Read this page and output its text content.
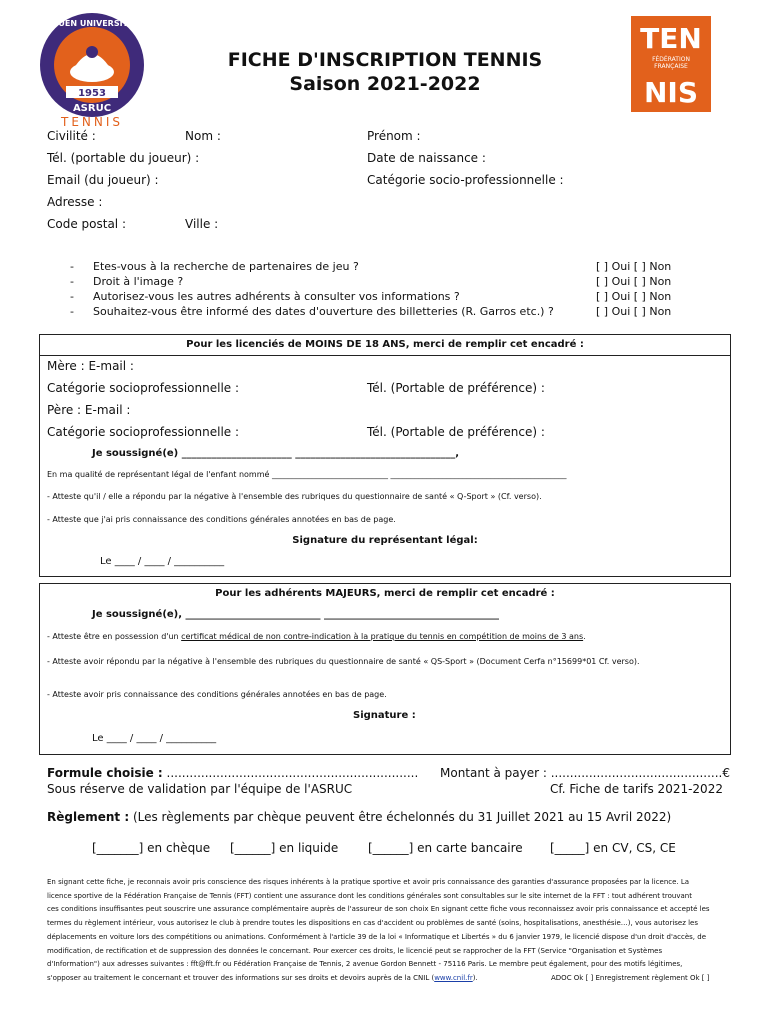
A.S. ROUEN UNIVERSITÉ CLUB
1953
ASRUC
TENNIS
TEN
FÉDÉRATION
FRANÇAISE
NIS
FICHE D'INSCRIPTION TENNIS
Saison 2021-2022
Civilité :	Nom :	Prénom :
Tél. (portable du joueur) :	Date de naissance :
Email (du joueur) :	Catégorie socio-professionnelle :
Adresse :
Code postal :	Ville :
- Etes-vous à la recherche de partenaires de jeu ?	[ ] Oui [ ] Non
- Droit à l'image ?	[ ] Oui [ ] Non
- Autorisez-vous les autres adhérents à consulter vos informations ?	[ ] Oui [ ] Non
- Souhaitez-vous être informé des dates d'ouverture des billetteries (R. Garros etc.) ?	[ ] Oui [ ] Non
Pour les licenciés de MOINS DE 18 ANS, merci de remplir cet encadré :
Mère : E-mail :
Catégorie socioprofessionnelle :	Tél. (Portable de préférence) :
Père : E-mail :
Catégorie socioprofessionnelle :	Tél. (Portable de préférence) :
Je soussigné(e) ______________________ ________________________________,
En ma qualité de représentant légal de l'enfant nommé _____________________________ ____________________________________________
- Atteste qu'il / elle a répondu par la négative à l'ensemble des rubriques du questionnaire de santé « Q-Sport » (Cf. verso).
- Atteste que j'ai pris connaissance des conditions générales annotées en bas de page.
Signature du représentant légal:
Le ____ / ____ / __________
Pour les adhérents MAJEURS, merci de remplir cet encadré :
Je soussigné(e), ___________________________ ___________________________________
- Atteste être en possession d'un certificat médical de non contre-indication à la pratique du tennis en compétition de moins de 3 ans.
- Atteste avoir répondu par la négative à l'ensemble des rubriques du questionnaire de santé « QS-Sport » (Document Cerfa n°15699*01 Cf. verso).
- Atteste avoir pris connaissance des conditions générales annotées en bas de page.
Signature :
Le ____ / ____ / __________
Formule choisie : .................................................................. Montant à payer : .............................................€
Sous réserve de validation par l'équipe de l'ASRUC	Cf. Fiche de tarifs 2021-2022
Règlement : (Les règlements par chèque peuvent être échelonnés du 31 Juillet 2021 au 15 Avril 2022)
[_______] en chèque [______] en liquide [______] en carte bancaire [_____] en CV, CS, CE
En signant cette fiche, je reconnais avoir pris conscience des risques inhérents à la pratique sportive et avoir pris connaissance des garanties d'assurance proposées par la licence. La
licence sportive de la Fédération Française de Tennis (FFT) contient une assurance dont les conditions générales sont consultables sur le site internet de la FFT : tout adhérent trouvant
ces conditions insuffisantes peut souscrire une assurance complémentaire auprès de l'assureur de son choix En signant cette fiche vous reconnaissez avoir pris connaissance et accepté les
termes du règlement intérieur, vous autorisez le club à prendre toutes les dispositions en cas d'accident ou problèmes de santé (soins, hospitalisations, anesthésie…), vous autorisez les
déplacements en voiture lors des compétitions ou animations. Conformément à l'article 39 de la loi « Informatique et Libertés » du 6 janvier 1979, le licencié dispose d'un droit d'accès, de
modification, de rectification et de suppression des données le concernant. Pour exercer ces droits, le licencié peut se rapprocher de la FFT (Service "Organisation et Systèmes
d'Information") aux adresses suivantes : fft@fft.fr ou Fédération Française de Tennis, 2 avenue Gordon Bennett - 75116 Paris. Le membre peut également, pour des motifs légitimes,
s'opposer au traitement le concernant et trouver des informations sur ses droits et devoirs auprès de la CNIL (www.cnil.fr).	ADOC Ok [ ] Enregistrement règlement Ok [ ]
